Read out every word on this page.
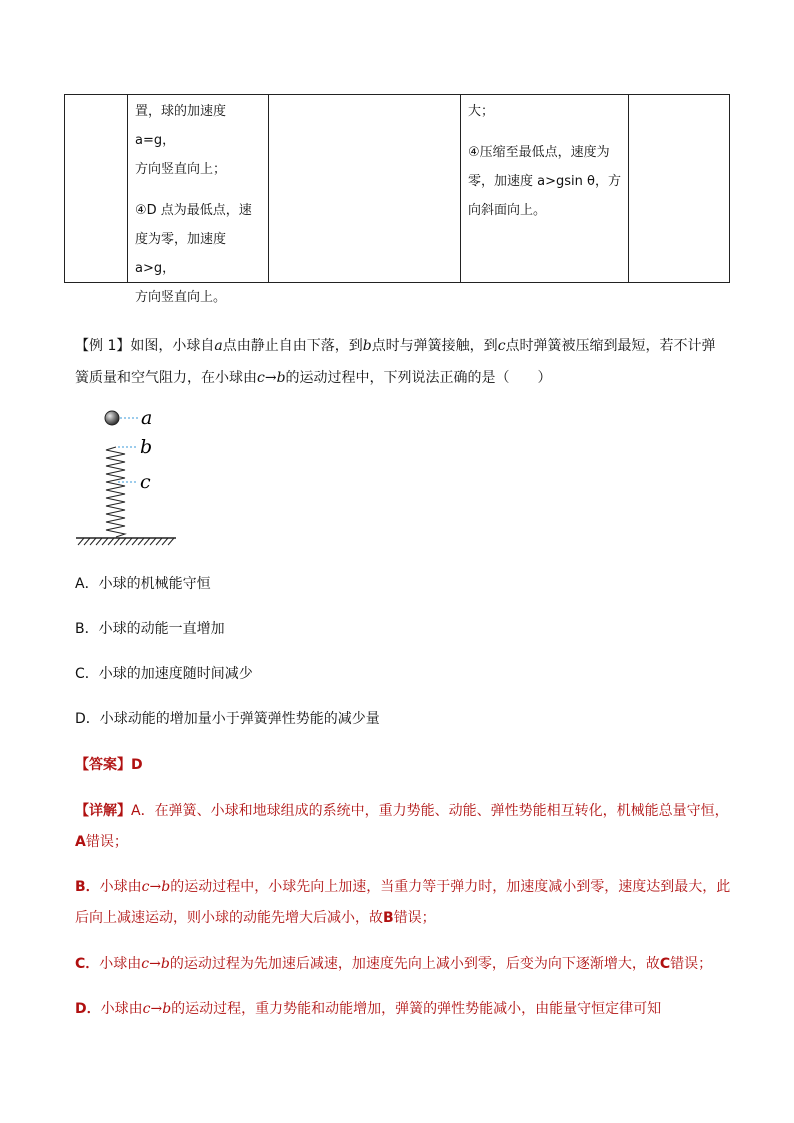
置，球的加速度 a=g，

方向竖直向上；

④D 点为最低点，速

度为零，加速度 a>g，

方向竖直向上。

大；

④压缩至最低点，速度为

零，加速度 a>gsin θ，方

向斜面向上。

【例 1】如图，小球自a点由静止自由下落，到b点时与弹簧接触，到c点时弹簧被压缩到最短，若不计弹
簧质量和空气阻力，在小球由c→b的运动过程中，下列说法正确的是（　　）
a
b
c
A．小球的机械能守恒
B．小球的动能一直增加
C．小球的加速度随时间减少
D．小球动能的增加量小于弹簧弹性势能的减少量
【答案】D
【详解】A．在弹簧、小球和地球组成的系统中，重力势能、动能、弹性势能相互转化，机械能总量守恒，
A错误；
B．小球由c→b的运动过程中，小球先向上加速，当重力等于弹力时，加速度减小到零，速度达到最大，此
后向上减速运动，则小球的动能先增大后减小，故B错误；
C．小球由c→b的运动过程为先加速后减速，加速度先向上减小到零，后变为向下逐渐增大，故C错误；
D．小球由c→b的运动过程，重力势能和动能增加，弹簧的弹性势能减小，由能量守恒定律可知
